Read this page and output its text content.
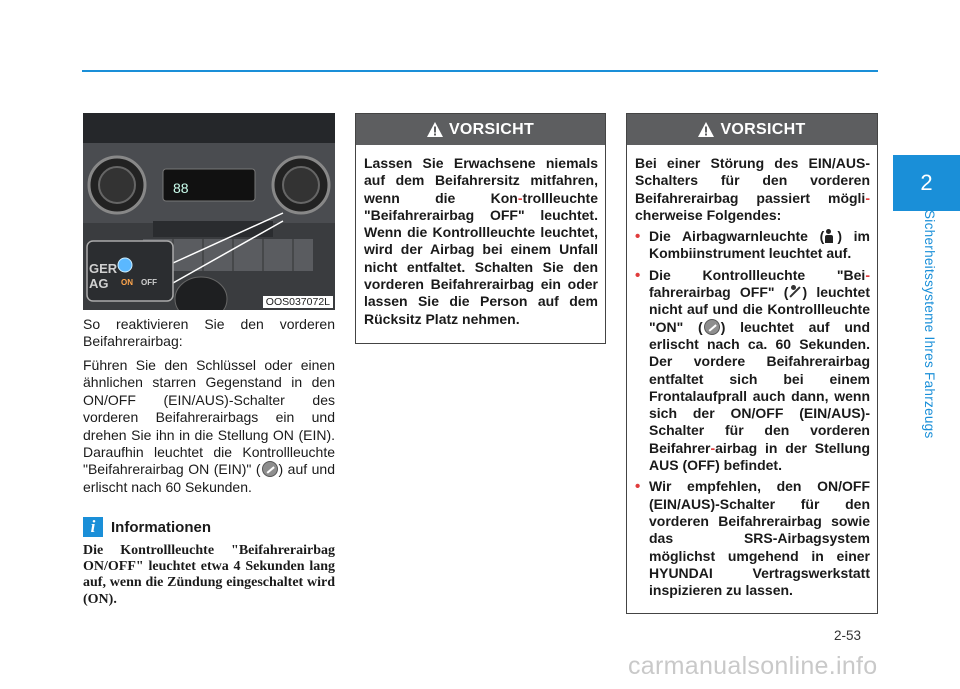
2
Sicherheitssysteme Ihres Fahrzeugs
88
GER
AG ON OFF
OOS037072L

So reaktivieren Sie den vorderen Beifahrerairbag:

Führen Sie den Schlüssel oder einen ähnlichen starren Gegenstand in den ON/OFF (EIN/AUS)-Schalter des vorderen Beifahrerairbags ein und drehen Sie ihn in die Stellung ON (EIN). Daraufhin leuchtet die Kontrollleuchte "Beifahrerairbag ON (EIN)" ( ) auf und erlischt nach 60 Sekunden.

i	Informationen

Die Kontrollleuchte "Beifahrerairbag ON/OFF" leuchtet etwa 4 Sekunden lang auf, wenn die Zündung eingeschaltet wird (ON).

VORSICHT
Lassen Sie Erwachsene niemals auf dem Beifahrersitz mitfahren, wenn die Kon-trollleuchte "Beifahrerairbag OFF" leuchtet. Wenn die Kontrollleuchte leuchtet, wird der Airbag bei einem Unfall nicht entfaltet. Schalten Sie den vorderen Beifahrerairbag ein oder lassen Sie die Person auf dem Rücksitz Platz nehmen.
VORSICHT
Bei einer Störung des EIN/AUS-Schalters für den vorderen Beifahrerairbag passiert mögli-cherweise Folgendes:
• Die Airbagwarnleuchte ( ) im Kombiinstrument leuchtet auf.
• Die Kontrollleuchte "Bei-fahrerairbag OFF" ( ) leuchtet nicht auf und die Kontrollleuchte "ON" ( ) leuchtet auf und erlischt nach ca. 60 Sekunden. Der vordere Beifahrerairbag entfaltet sich bei einem Frontalaufprall auch dann, wenn sich der ON/OFF (EIN/AUS)-Schalter für den vorderen Beifahrer-airbag in der Stellung AUS (OFF) befindet.
• Wir empfehlen, den ON/OFF (EIN/AUS)-Schalter für den vorderen Beifahrerairbag sowie das SRS-Airbagsystem möglichst umgehend in einer HYUNDAI Vertragswerkstatt inspizieren zu lassen.
2-53
carmanualsonline.info
